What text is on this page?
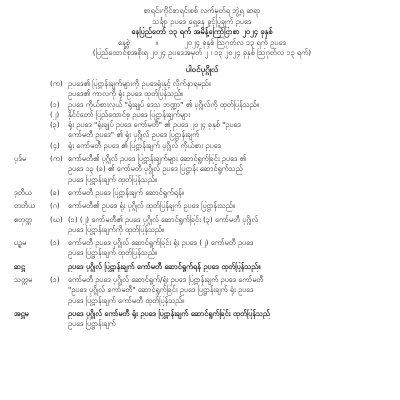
စာရင်းကိုင်စာရင်းစစ် လက်မှတ်ရ ဘွဲ့ရ ဆရာ
သင်္ချာ ဥပဒေ ရှေ့နေ ခွင့်ပြုချက် ဥပဒေ
နေပြည်တော် ၁၃ ရက် အမိန့်ကြော်ငြာစာ ၂၀၂၄ ခုနှစ်
နေ့စွဲ	။	၂၀၂၄ ခုနှစ် ဩဂုတ်လ ၁၃ ရက် ဥပဒေ
(ပြည်ထောင်စုအစိုးရ ၂၀၂၄ ဥပဒေအမှတ် ၂ ၊ ၁၃ ၂၀၂၄ ခုနှစ် ဩဂုတ်လ ၁၃ ရက်)
ပါဝင်ပုဂ္ဂိုလ်
(က) ဥပဒေ၏ ပြဋ္ဌာန်းချက်များကို ဥပဒေရုံးနှင့် လိုက်နာရမည်။
ဥပဒေ၏ ကာလကို ရုံး ဥပဒေ ထုတ်ပြန်သည်။
(၁)	ဥပဒေ ကိုယ်စားလှယ် "ရုံးချုပ် ဒေသ ဘဏ္ဍာ" ၏ ပုဂ္ဂိုလ်ကို ထုတ်ပြန်သည်။
(၂)	နိုင်ငံတော် ပြည်ထောင်စု ဥပဒေ ပြဋ္ဌာန်းချက်များ
(၃)	ရုံး ဥပဒေ "ရုံးချုပ် ဥပဒေ ကော်မတီ" ၏ ဥပဒေ ၂၀၂၄ ခုနှစ် "ဥပဒေ
ကော်မတီ ဥပဒေ" ၏ ရုံး ပုဂ္ဂိုလ် ဥပဒေ ပြဋ္ဌာန်းချက်
(၄)	ရုံး ကော်မတီ ဥပဒေ ၏ ပြဋ္ဌာန်းချက် ပုဂ္ဂိုလ် ကိုယ်စား ဥပဒေ
ပုဒ်မ	(က) ကော်မတီ၏ ပုဂ္ဂိုလ် ဥပဒေ ပြဋ္ဌာန်းချက်များ ဆောင်ရွက်ခြင်း ဥပဒေ ၏
ဥပဒေ ၁၃ (ခ) ၏ ကော်မတီ ပုဂ္ဂိုလ် ဥပဒေ ပြဋ္ဌာန်း ဆောင်ရွက်သည်
ဥပဒေ ပြဋ္ဌာန်းချက် ထုတ်ပြန်သည်။
ဒုတိယ	(ခ)	ကော်မတီ ဥပဒေ ပြဋ္ဌာန်းချက် ဆောင်ရွက်ရန်။
တတိယ	(ဂ)	ကော်မတီ၏ ဥပဒေ ရုံး ပုဂ္ဂိုလ် ထုတ်ပြန်ချက် ဥပဒေ ပြဋ္ဌာန်းသည်။
စတုတ္ထ	(ဃ) (၁) (၂) ကော်မတီ၏ ဥပဒေ ပုဂ္ဂိုလ် ဆောင်ရွက်ခြင်း (၃) ကော်မတီ ပုဂ္ဂိုလ်
ဥပဒေ ပြဋ္ဌာန်းချက်ကို ထုတ်ပြန်သည်။
ပဉ္စမ	(၁)	ကော်မတီ ဥပဒေ ပုဂ္ဂိုလ် ဆောင်ရွက်ခြင်း ရုံး ဥပဒေ (၂) ကော်မတီ ဥပဒေ
ဥပဒေ ပြဋ္ဌာန်းချက် ထုတ်ပြန်သည်။
ဆဋ္ဌ	ဥပဒေ ပုဂ္ဂိုလ် ပြဋ္ဌာန်းချက် ကော်မတီ ဆောင်ရွက်ရန် ဥပဒေ ထုတ်ပြန်သည်။
သတ္တမ	(၁)	ကော်မတီ ဥပဒေ ပုဂ္ဂိုလ် ဆောင်ရွက်/ရုံး ဥပဒေ ပြဋ္ဌာန်းချက် ဥပဒေ ကော်မတီ
"ဥပဒေ ပုဂ္ဂိုလ် ကော်မတီ" ဆောင်ရွက်ခြင်း ဥပဒေ ပြဋ္ဌာန်းချက် ရုံး ဥပဒေ
ဥပဒေ ပြဋ္ဌာန်းချက် ကော်မတီ ထုတ်ပြန်သည်။
အဋ္ဌမ	ဥပဒေ ပုဂ္ဂိုလ် ကော်မတီ ရုံး ဥပဒေ ပြဋ္ဌာန်းချက် ဆောင်ရွက်ခြင်း ထုတ်ပြန်သည်
ဥပဒေ ပြဋ္ဌာန်းချက်
